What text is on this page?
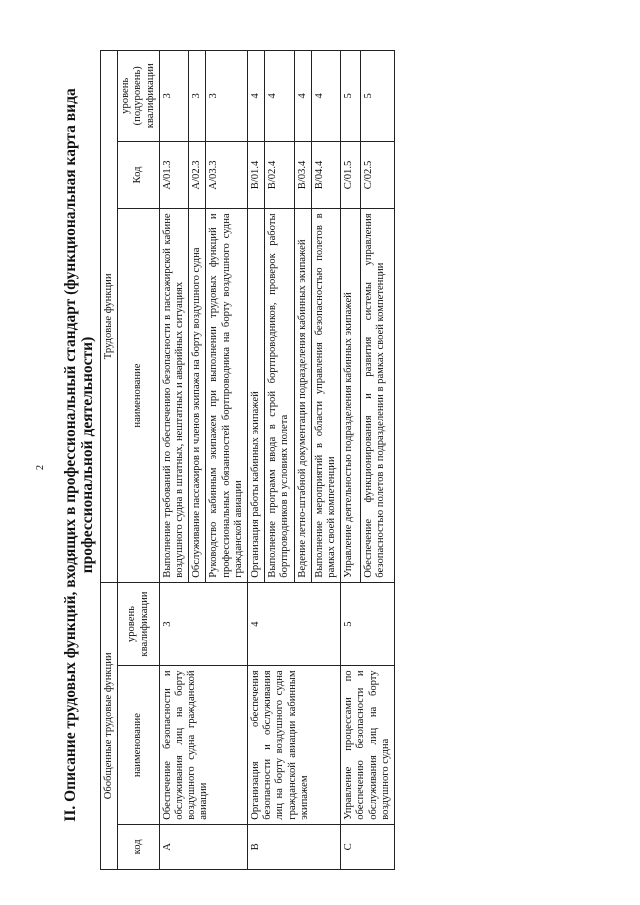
2 II. Описание трудовых функций, входящих в профессиональный стандарт (функциональная карта вида профессиональной деятельности)
Обобщенные трудовые функции			Трудовые функции		
код	наименование	уровень квалификации	наименование	Код	уровень (подуровень) квалификации
A	Обеспечение безопасности и обслуживания лиц на борту воздушного судна гражданской авиации	3	Выполнение требований по обеспечению безопасности в пассажирской кабине воздушного судна в штатных, нештатных и аварийных ситуациях	A/01.3	3
			Обслуживание пассажиров и членов экипажа на борту воздушного судна	A/02.3	3
			Руководство кабинным экипажем при выполнении трудовых функций и профессиональных обязанностей бортпроводника на борту воздушного судна гражданской авиации	A/03.3	3
B	Организация обеспечения безопасности и обслуживания лиц на борту воздушного судна гражданской авиации кабинным экипажем	4	Организация работы кабинных экипажей	B/01.4	4
			Выполнение программ ввода в строй бортпроводников, проверок работы бортпроводников в условиях полета	B/02.4	4
			Ведение летно-штабной документации подразделения кабинных экипажей	B/03.4	4
			Выполнение мероприятий в области управления безопасностью полетов в рамках своей компетенции	B/04.4	4
C	Управление процессами по обеспечению безопасности и обслуживания лиц на борту воздушного судна	5	Управление деятельностью подразделения кабинных экипажей	C/01.5	5
			Обеспечение функционирования и развития системы управления безопасностью полетов в подразделении в рамках своей компетенции	C/02.5	5
